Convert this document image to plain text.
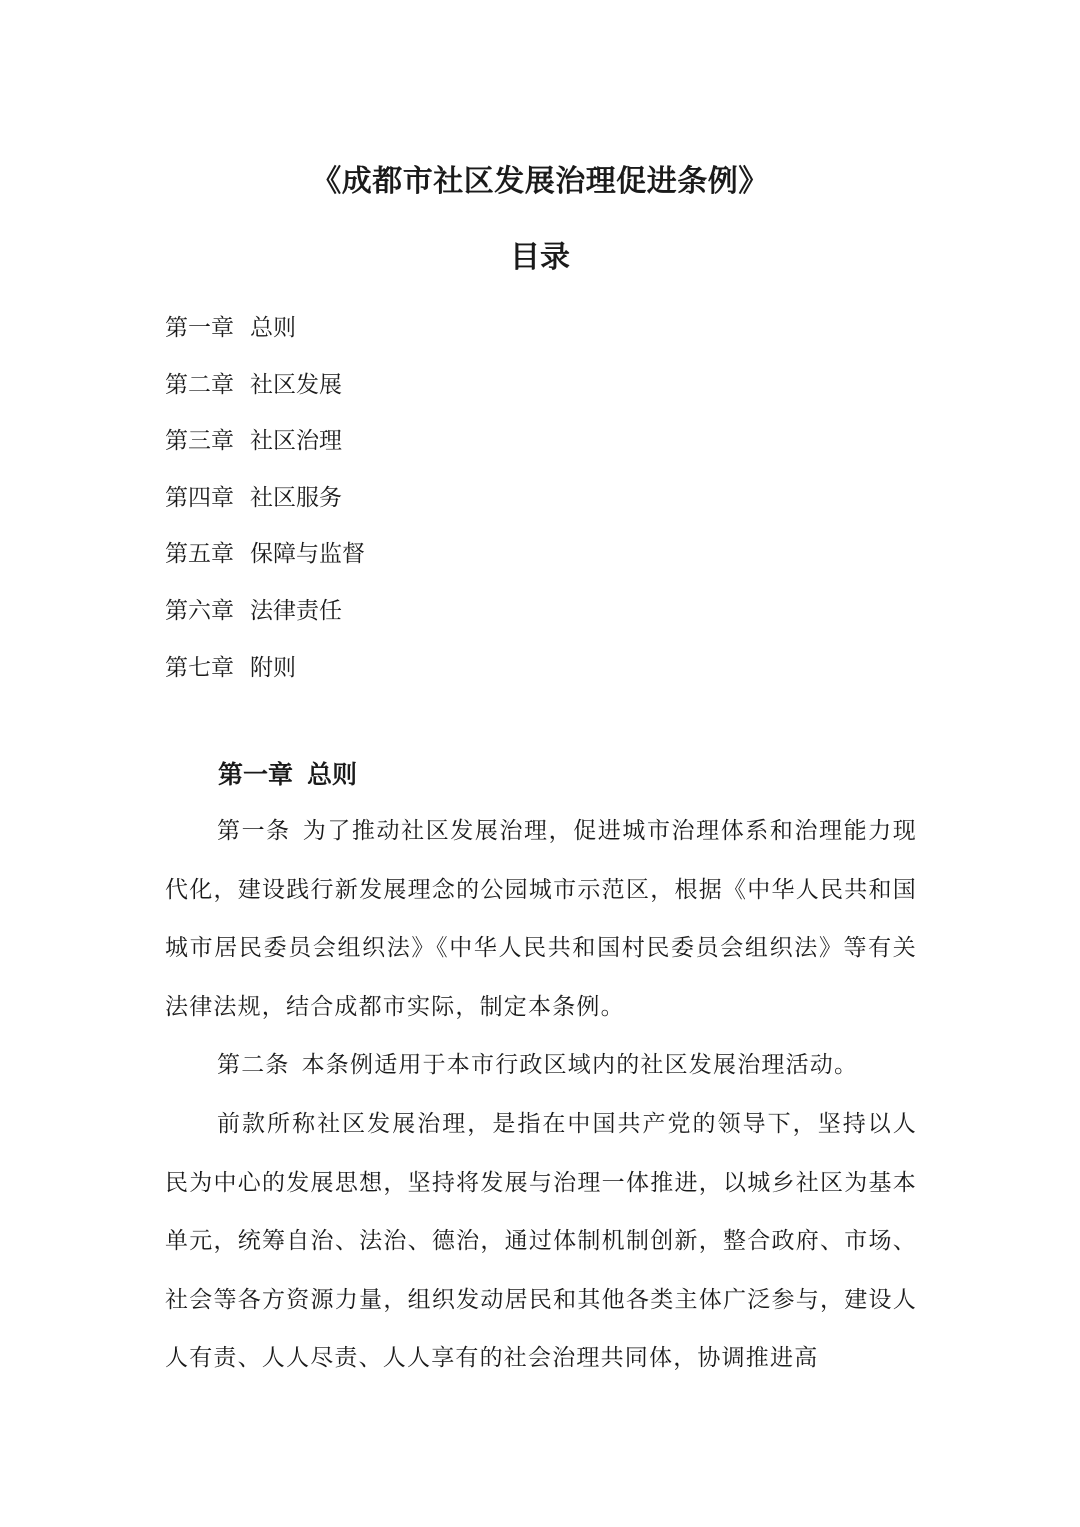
《成都市社区发展治理促进条例》
目录
第一章 总则
第二章 社区发展
第三章 社区治理
第四章 社区服务
第五章 保障与监督
第六章 法律责任
第七章 附则
第一章 总则

第一条 为了推动社区发展治理，促进城市治理体系和治理能力现代化，建设践行新发展理念的公园城市示范区，根据《中华人民共和国城市居民委员会组织法》《中华人民共和国村民委员会组织法》等有关法律法规，结合成都市实际，制定本条例。

第二条 本条例适用于本市行政区域内的社区发展治理活动。

前款所称社区发展治理，是指在中国共产党的领导下，坚持以人民为中心的发展思想，坚持将发展与治理一体推进，以城乡社区为基本单元，统筹自治、法治、德治，通过体制机制创新，整合政府、市场、社会等各方资源力量，组织发动居民和其他各类主体广泛参与，建设人人有责、人人尽责、人人享有的社会治理共同体，协调推进高
